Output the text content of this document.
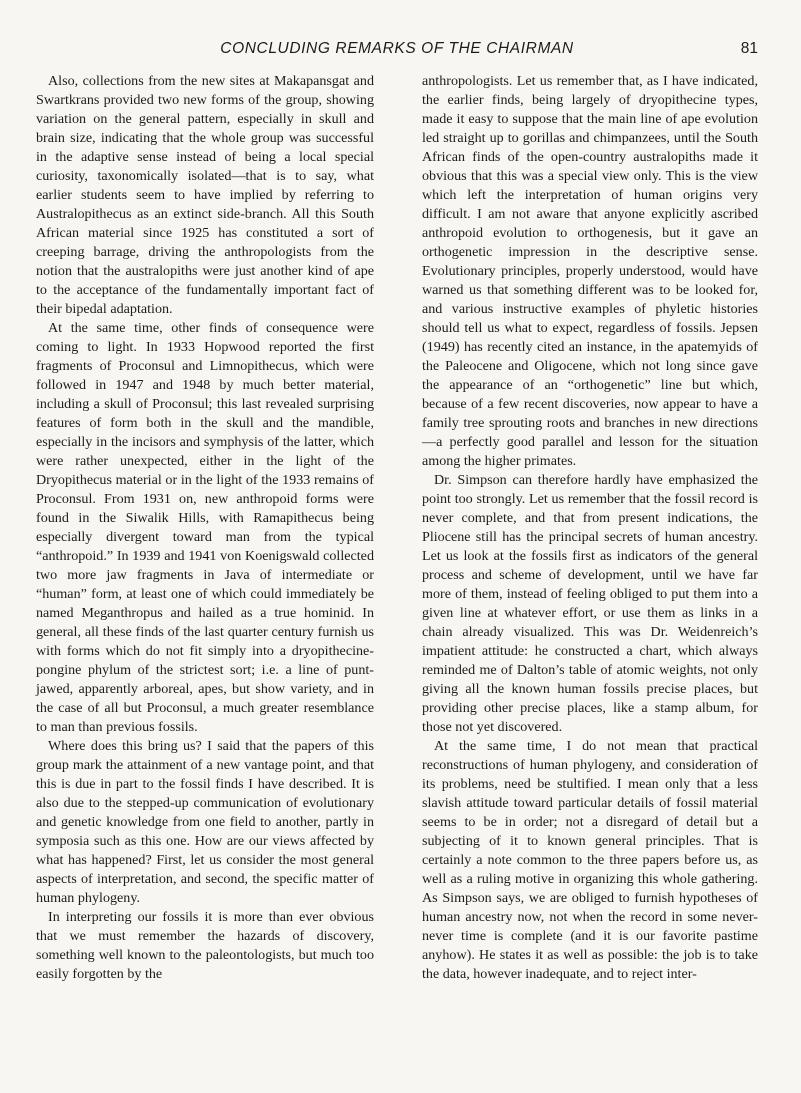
CONCLUDING REMARKS OF THE CHAIRMAN	81

Also, collections from the new sites at Makapansgat and Swartkrans provided two new forms of the group, showing variation on the general pattern, especially in skull and brain size, indicating that the whole group was successful in the adaptive sense instead of being a local special curiosity, taxonomically isolated—that is to say, what earlier students seem to have implied by referring to Australopithecus as an extinct side-branch. All this South African material since 1925 has constituted a sort of creeping barrage, driving the anthropologists from the notion that the australopiths were just another kind of ape to the acceptance of the fundamentally important fact of their bipedal adaptation.

At the same time, other finds of consequence were coming to light. In 1933 Hopwood reported the first fragments of Proconsul and Limnopithecus, which were followed in 1947 and 1948 by much better material, including a skull of Proconsul; this last revealed surprising features of form both in the skull and the mandible, especially in the incisors and symphysis of the latter, which were rather unexpected, either in the light of the Dryopithecus material or in the light of the 1933 remains of Proconsul. From 1931 on, new anthropoid forms were found in the Siwalik Hills, with Ramapithecus being especially divergent toward man from the typical “anthropoid.” In 1939 and 1941 von Koenigswald collected two more jaw fragments in Java of intermediate or “human” form, at least one of which could immediately be named Meganthropus and hailed as a true hominid. In general, all these finds of the last quarter century furnish us with forms which do not fit simply into a dryopithecine-pongine phylum of the strictest sort; i.e. a line of punt-jawed, apparently arboreal, apes, but show variety, and in the case of all but Proconsul, a much greater resemblance to man than previous fossils.

Where does this bring us? I said that the papers of this group mark the attainment of a new vantage point, and that this is due in part to the fossil finds I have described. It is also due to the stepped-up communication of evolutionary and genetic knowledge from one field to another, partly in symposia such as this one. How are our views affected by what has happened? First, let us consider the most general aspects of interpretation, and second, the specific matter of human phylogeny.

In interpreting our fossils it is more than ever obvious that we must remember the hazards of discovery, something well known to the paleontologists, but much too easily forgotten by the

anthropologists. Let us remember that, as I have indicated, the earlier finds, being largely of dryopithecine types, made it easy to suppose that the main line of ape evolution led straight up to gorillas and chimpanzees, until the South African finds of the open-country australopiths made it obvious that this was a special view only. This is the view which left the interpretation of human origins very difficult. I am not aware that anyone explicitly ascribed anthropoid evolution to orthogenesis, but it gave an orthogenetic impression in the descriptive sense. Evolutionary principles, properly understood, would have warned us that something different was to be looked for, and various instructive examples of phyletic histories should tell us what to expect, regardless of fossils. Jepsen (1949) has recently cited an instance, in the apatemyids of the Paleocene and Oligocene, which not long since gave the appearance of an “orthogenetic” line but which, because of a few recent discoveries, now appear to have a family tree sprouting roots and branches in new directions—a perfectly good parallel and lesson for the situation among the higher primates.

Dr. Simpson can therefore hardly have emphasized the point too strongly. Let us remember that the fossil record is never complete, and that from present indications, the Pliocene still has the principal secrets of human ancestry. Let us look at the fossils first as indicators of the general process and scheme of development, until we have far more of them, instead of feeling obliged to put them into a given line at whatever effort, or use them as links in a chain already visualized. This was Dr. Weidenreich’s impatient attitude: he constructed a chart, which always reminded me of Dalton’s table of atomic weights, not only giving all the known human fossils precise places, but providing other precise places, like a stamp album, for those not yet discovered.

At the same time, I do not mean that practical reconstructions of human phylogeny, and consideration of its problems, need be stultified. I mean only that a less slavish attitude toward particular details of fossil material seems to be in order; not a disregard of detail but a subjecting of it to known general principles. That is certainly a note common to the three papers before us, as well as a ruling motive in organizing this whole gathering. As Simpson says, we are obliged to furnish hypotheses of human ancestry now, not when the record in some never-never time is complete (and it is our favorite pastime anyhow). He states it as well as possible: the job is to take the data, however inadequate, and to reject inter-
